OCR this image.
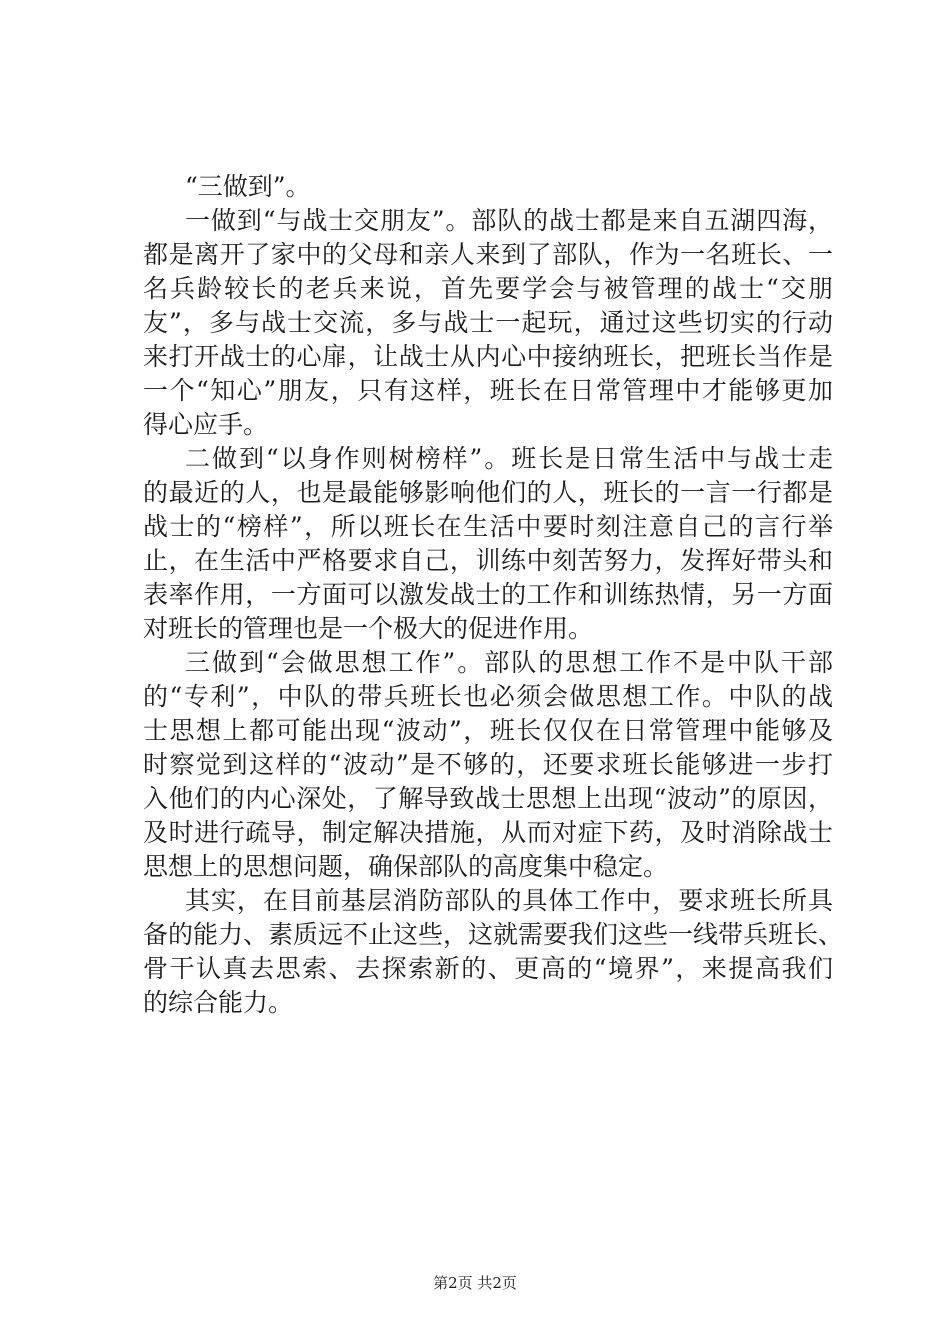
“三做到”。
一做到“与战士交朋友”。部队的战士都是来自五湖四海，
都是离开了家中的父母和亲人来到了部队，作为一名班长、一
名兵龄较长的老兵来说，首先要学会与被管理的战士“交朋
友”，多与战士交流，多与战士一起玩，通过这些切实的行动
来打开战士的心扉，让战士从内心中接纳班长，把班长当作是
一个“知心”朋友，只有这样，班长在日常管理中才能够更加
得心应手。
二做到“以身作则树榜样”。班长是日常生活中与战士走
的最近的人，也是最能够影响他们的人，班长的一言一行都是
战士的“榜样”，所以班长在生活中要时刻注意自己的言行举
止，在生活中严格要求自己，训练中刻苦努力，发挥好带头和
表率作用，一方面可以激发战士的工作和训练热情，另一方面
对班长的管理也是一个极大的促进作用。
三做到“会做思想工作”。部队的思想工作不是中队干部
的“专利”，中队的带兵班长也必须会做思想工作。中队的战
士思想上都可能出现“波动”，班长仅仅在日常管理中能够及
时察觉到这样的“波动”是不够的，还要求班长能够进一步打
入他们的内心深处，了解导致战士思想上出现“波动”的原因，
及时进行疏导，制定解决措施，从而对症下药，及时消除战士
思想上的思想问题，确保部队的高度集中稳定。
其实，在目前基层消防部队的具体工作中，要求班长所具
备的能力、素质远不止这些，这就需要我们这些一线带兵班长、
骨干认真去思索、去探索新的、更高的“境界”，来提高我们
的综合能力。
第2页 共2页
